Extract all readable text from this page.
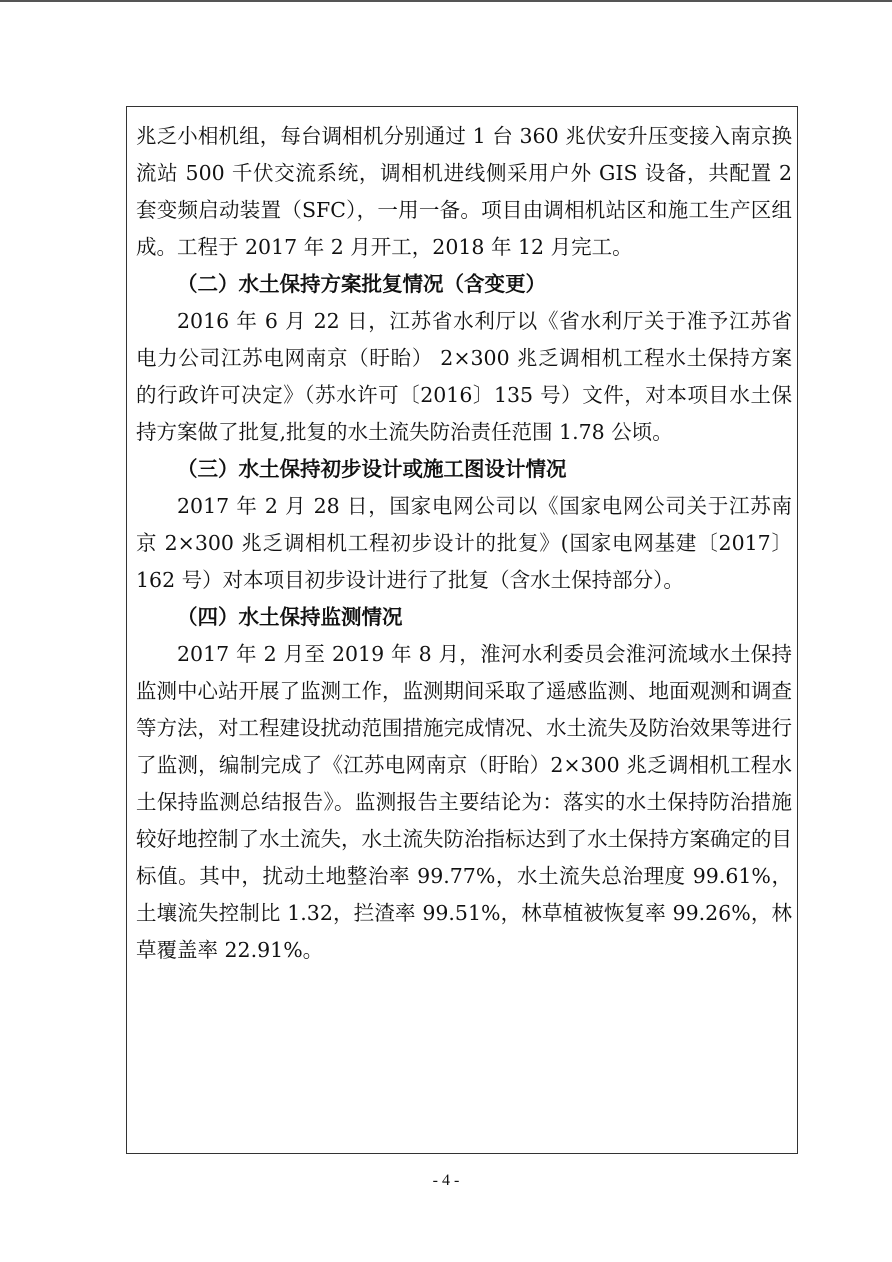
兆乏小相机组，每台调相机分别通过 1 台 360 兆伏安升压变接入南京换流站 500 千伏交流系统，调相机进线侧采用户外 GIS 设备，共配置 2 套变频启动装置（SFC），一用一备。项目由调相机站区和施工生产区组成。工程于 2017 年 2 月开工，2018 年 12 月完工。

（二）水土保持方案批复情况（含变更）

2016 年 6 月 22 日，江苏省水利厅以《省水利厅关于准予江苏省电力公司江苏电网南京（盱眙） 2×300 兆乏调相机工程水土保持方案的行政许可决定》（苏水许可〔2016〕135 号）文件，对本项目水土保持方案做了批复,批复的水土流失防治责任范围 1.78 公顷。

（三）水土保持初步设计或施工图设计情况

2017 年 2 月 28 日，国家电网公司以《国家电网公司关于江苏南京 2×300 兆乏调相机工程初步设计的批复》(国家电网基建〔2017〕162 号）对本项目初步设计进行了批复（含水土保持部分）。

（四）水土保持监测情况

2017 年 2 月至 2019 年 8 月，淮河水利委员会淮河流域水土保持监测中心站开展了监测工作，监测期间采取了遥感监测、地面观测和调查等方法，对工程建设扰动范围措施完成情况、水土流失及防治效果等进行了监测，编制完成了《江苏电网南京（盱眙）2×300 兆乏调相机工程水土保持监测总结报告》。监测报告主要结论为：落实的水土保持防治措施较好地控制了水土流失，水土流失防治指标达到了水土保持方案确定的目标值。其中，扰动土地整治率 99.77%，水土流失总治理度 99.61%，土壤流失控制比 1.32，拦渣率 99.51%，林草植被恢复率 99.26%，林草覆盖率 22.91%。

- 4 -
